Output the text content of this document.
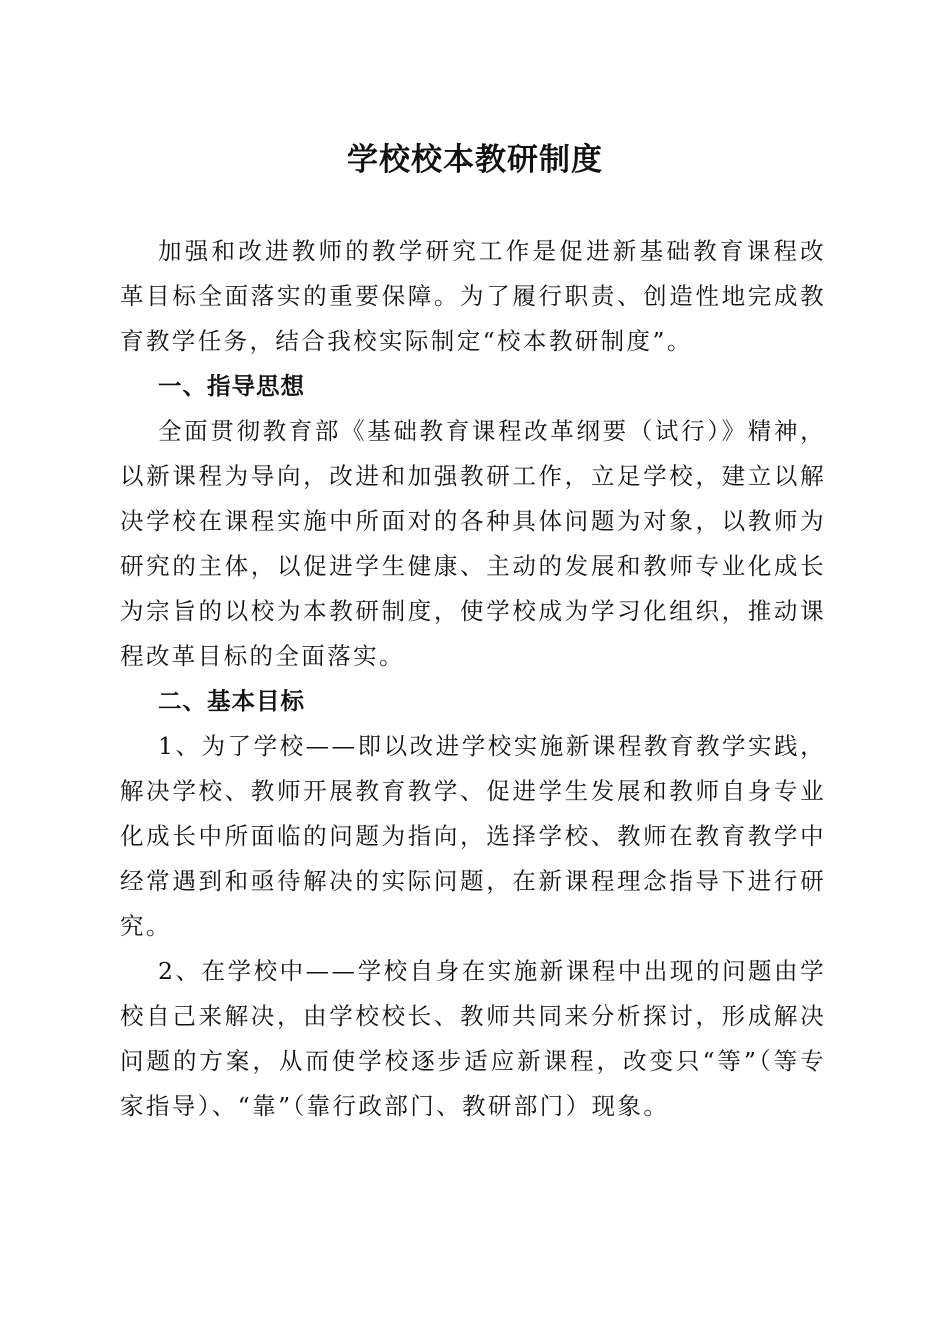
学校校本教研制度

加强和改进教师的教学研究工作是促进新基础教育课程改革目标全面落实的重要保障。为了履行职责、创造性地完成教育教学任务，结合我校实际制定“校本教研制度”。

一、指导思想

全面贯彻教育部《基础教育课程改革纲要（试行）》精神，以新课程为导向，改进和加强教研工作，立足学校，建立以解决学校在课程实施中所面对的各种具体问题为对象，以教师为研究的主体，以促进学生健康、主动的发展和教师专业化成长为宗旨的以校为本教研制度，使学校成为学习化组织，推动课程改革目标的全面落实。

二、基本目标

1、为了学校——即以改进学校实施新课程教育教学实践，解决学校、教师开展教育教学、促进学生发展和教师自身专业化成长中所面临的问题为指向，选择学校、教师在教育教学中经常遇到和亟待解决的实际问题，在新课程理念指导下进行研究。

2、在学校中——学校自身在实施新课程中出现的问题由学校自己来解决，由学校校长、教师共同来分析探讨，形成解决问题的方案，从而使学校逐步适应新课程，改变只“等”（等专家指导）、“靠”（靠行政部门、教研部门）现象。
